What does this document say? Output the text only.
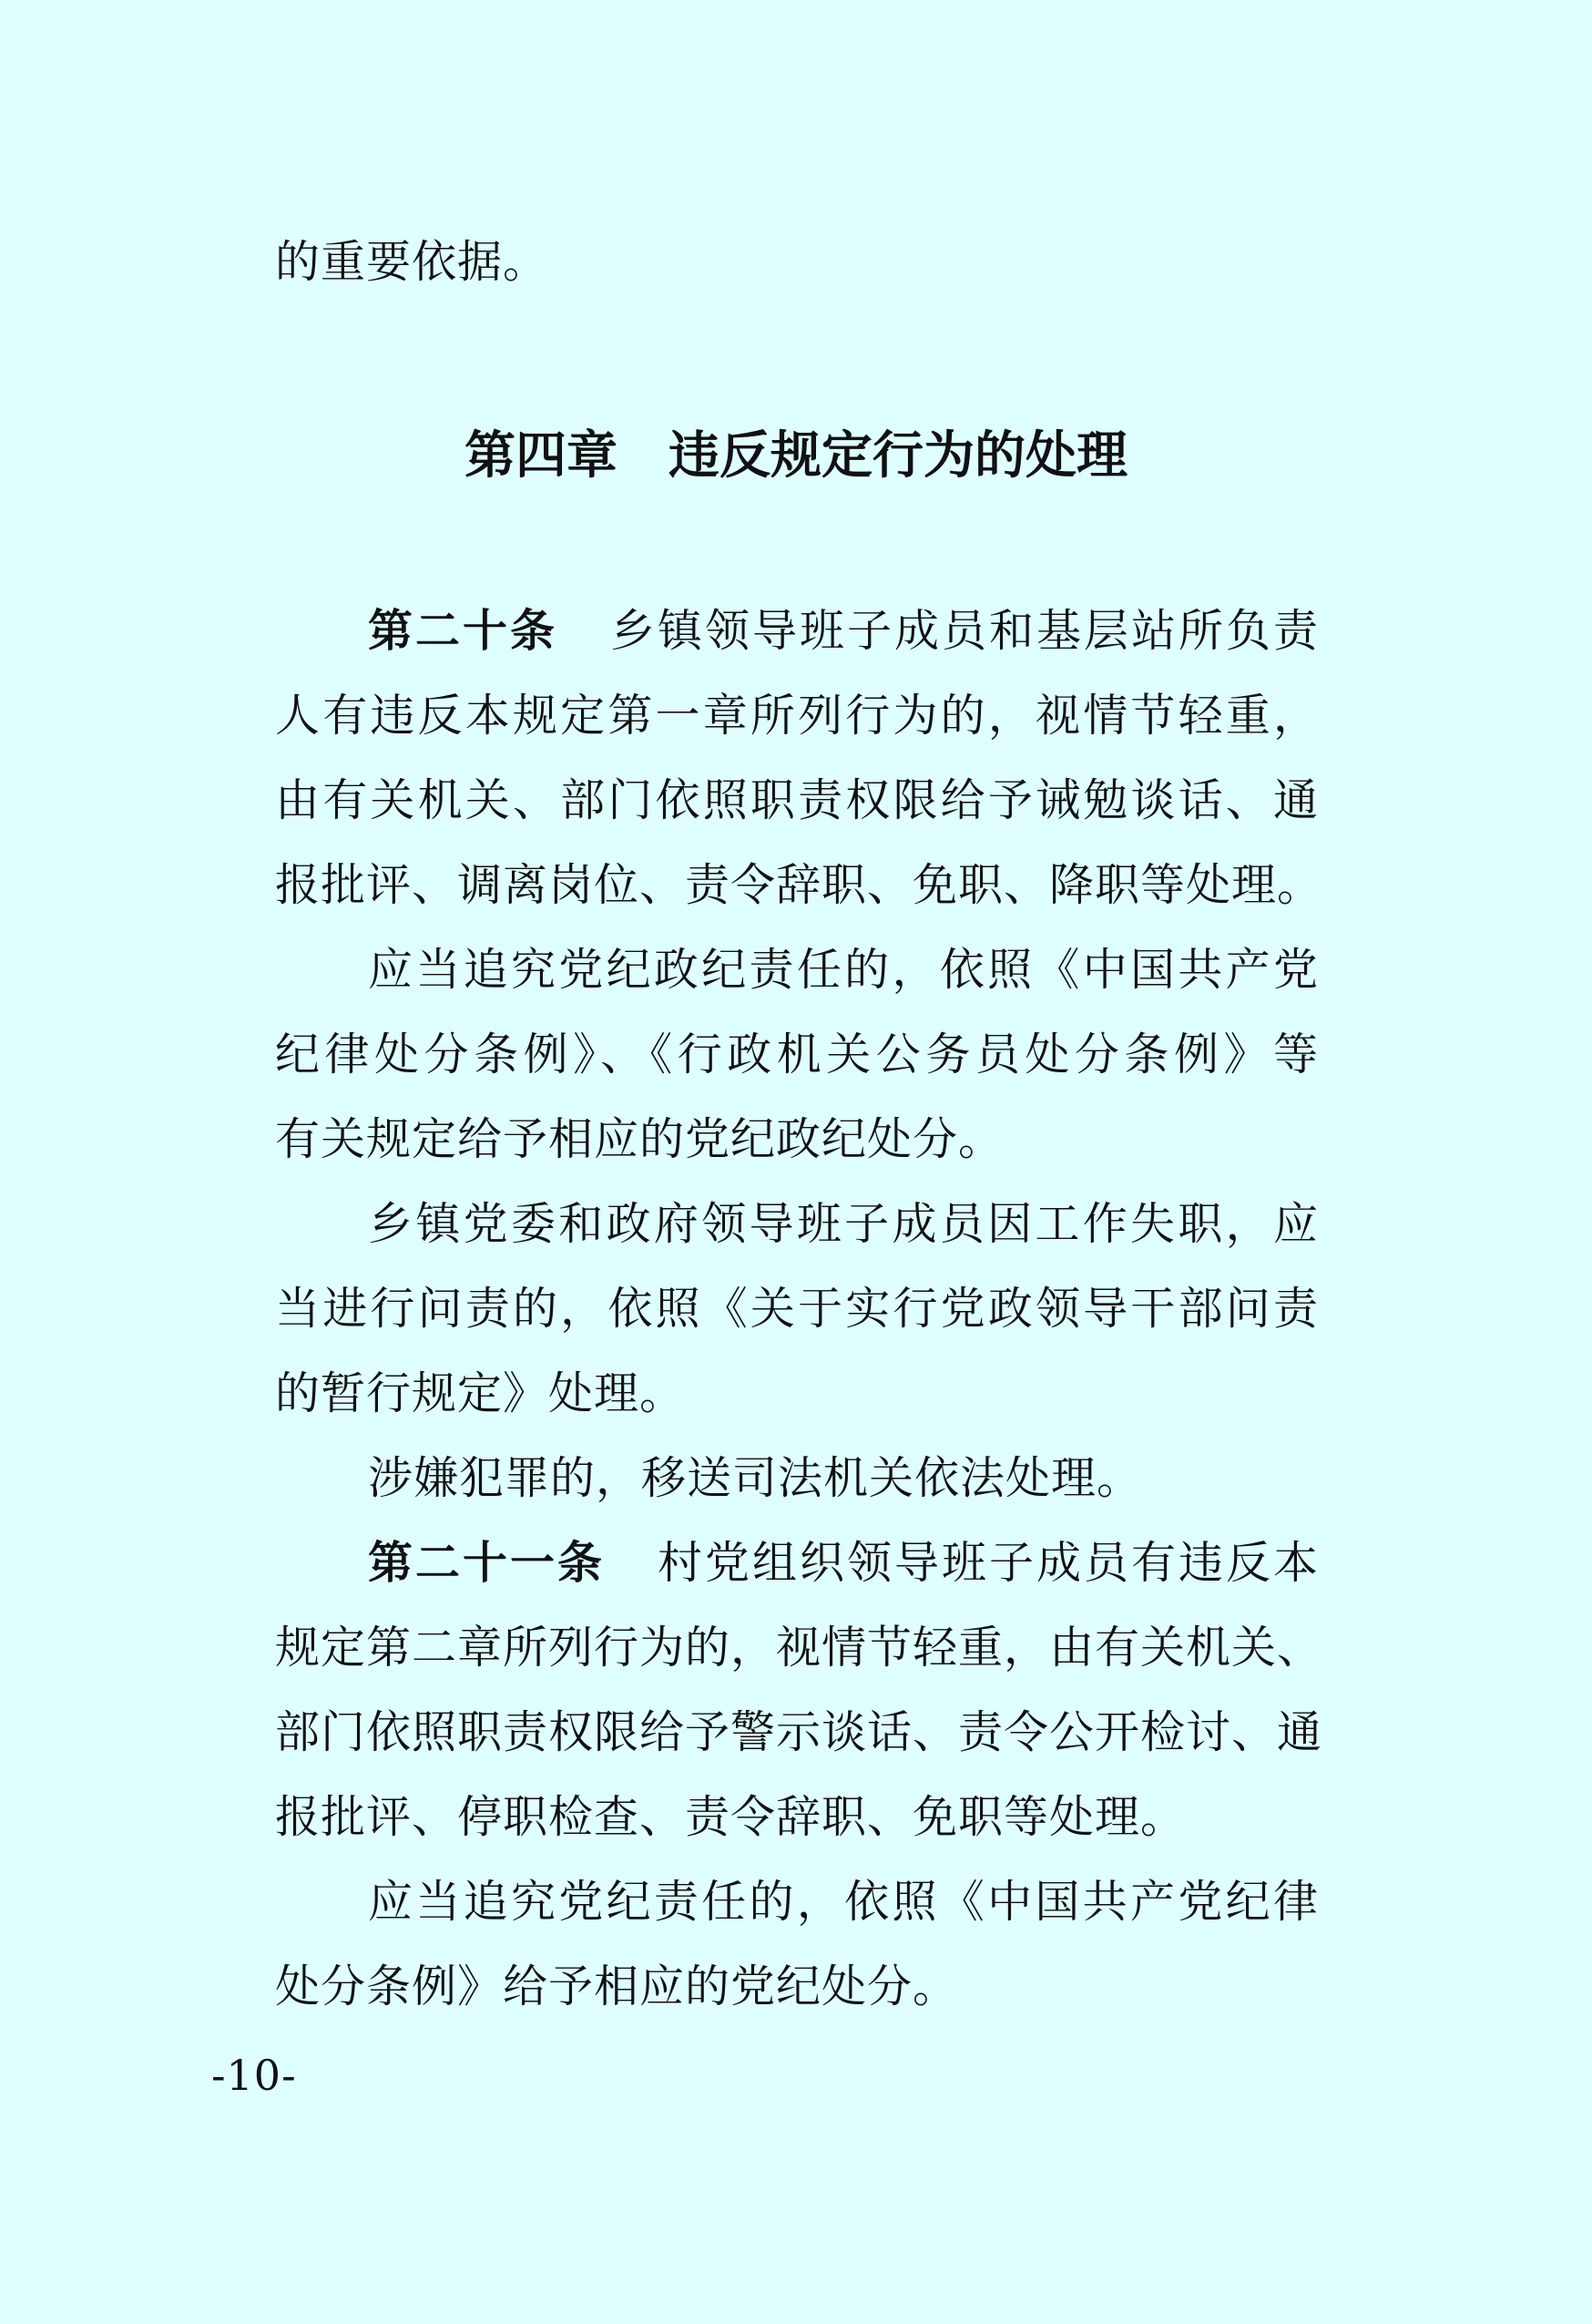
的重要依据。
第四章　违反规定行为的处理
第二十条 乡镇领导班子成员和基层站所负责
人有违反本规定第一章所列行为的，视情节轻重，
由有关机关、部门依照职责权限给予诫勉谈话、通
报批评、调离岗位、责令辞职、免职、降职等处理。
应当追究党纪政纪责任的，依照《中国共产党
纪律处分条例》、《行政机关公务员处分条例》等
有关规定给予相应的党纪政纪处分。
乡镇党委和政府领导班子成员因工作失职，应
当进行问责的，依照《关于实行党政领导干部问责
的暂行规定》处理。
涉嫌犯罪的，移送司法机关依法处理。
第二十一条 村党组织领导班子成员有违反本
规定第二章所列行为的，视情节轻重，由有关机关、
部门依照职责权限给予警示谈话、责令公开检讨、通
报批评、停职检查、责令辞职、免职等处理。
应当追究党纪责任的，依照《中国共产党纪律
处分条例》给予相应的党纪处分。
-10-
